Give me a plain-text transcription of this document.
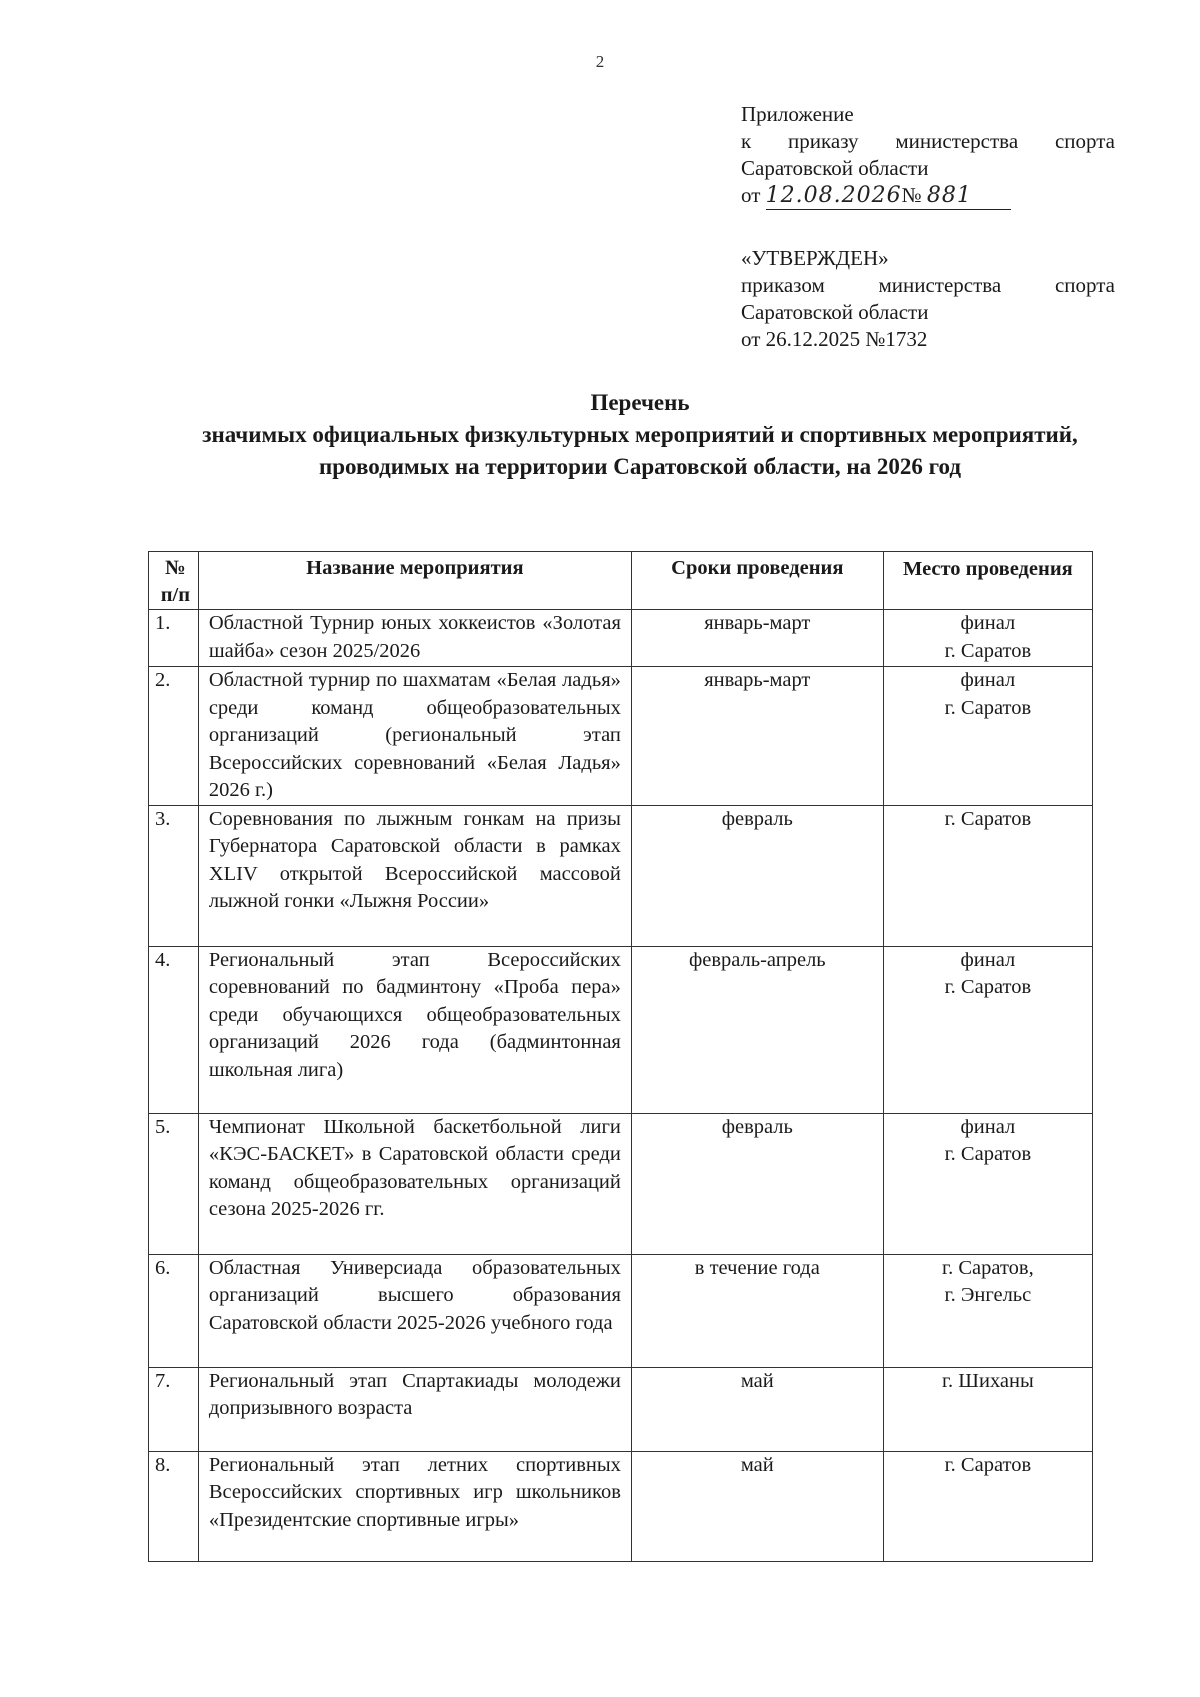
2
Приложение
к приказу министерства спорта
Саратовской области
от 12.08.2026№ 881
«УТВЕРЖДЕН»
приказом министерства спорта
Саратовской области
от 26.12.2025 №1732
Перечень
значимых официальных физкультурных мероприятий и спортивных мероприятий, проводимых на территории Саратовской области, на 2026 год
№
п/п	Название мероприятия	Сроки проведения	Место проведения
1.	Областной Турнир юных хоккеистов «Золотая шайба» сезон 2025/2026	январь-март	финал
г. Саратов

2.	Областной турнир по шахматам «Белая ладья» среди команд общеобразовательных организаций (региональный этап Всероссийских соревнований «Белая Ладья» 2026 г.)	январь-март	финал
г. Саратов

3.	Соревнования по лыжным гонкам на призы Губернатора Саратовской области в рамках XLIV открытой Всероссийской массовой лыжной гонки «Лыжня России»	февраль	г. Саратов

4.	Региональный этап Всероссийских соревнований по бадминтону «Проба пера» среди обучающихся общеобразовательных организаций 2026 года (бадминтонная школьная лига)	февраль-апрель	финал
г. Саратов

5.	Чемпионат Школьной баскетбольной лиги «КЭС-БАСКЕТ» в Саратовской области среди команд общеобразовательных организаций сезона 2025-2026 гг.	февраль	финал
г. Саратов

6.	Областная Универсиада образовательных организаций высшего образования Саратовской области 2025-2026 учебного года	в течение года	г. Саратов,
г. Энгельс

7.	Региональный этап Спартакиады молодежи допризывного возраста	май	г. Шиханы

8.	Региональный этап летних спортивных Всероссийских спортивных игр школьников «Президентские спортивные игры»	май	г. Саратов
